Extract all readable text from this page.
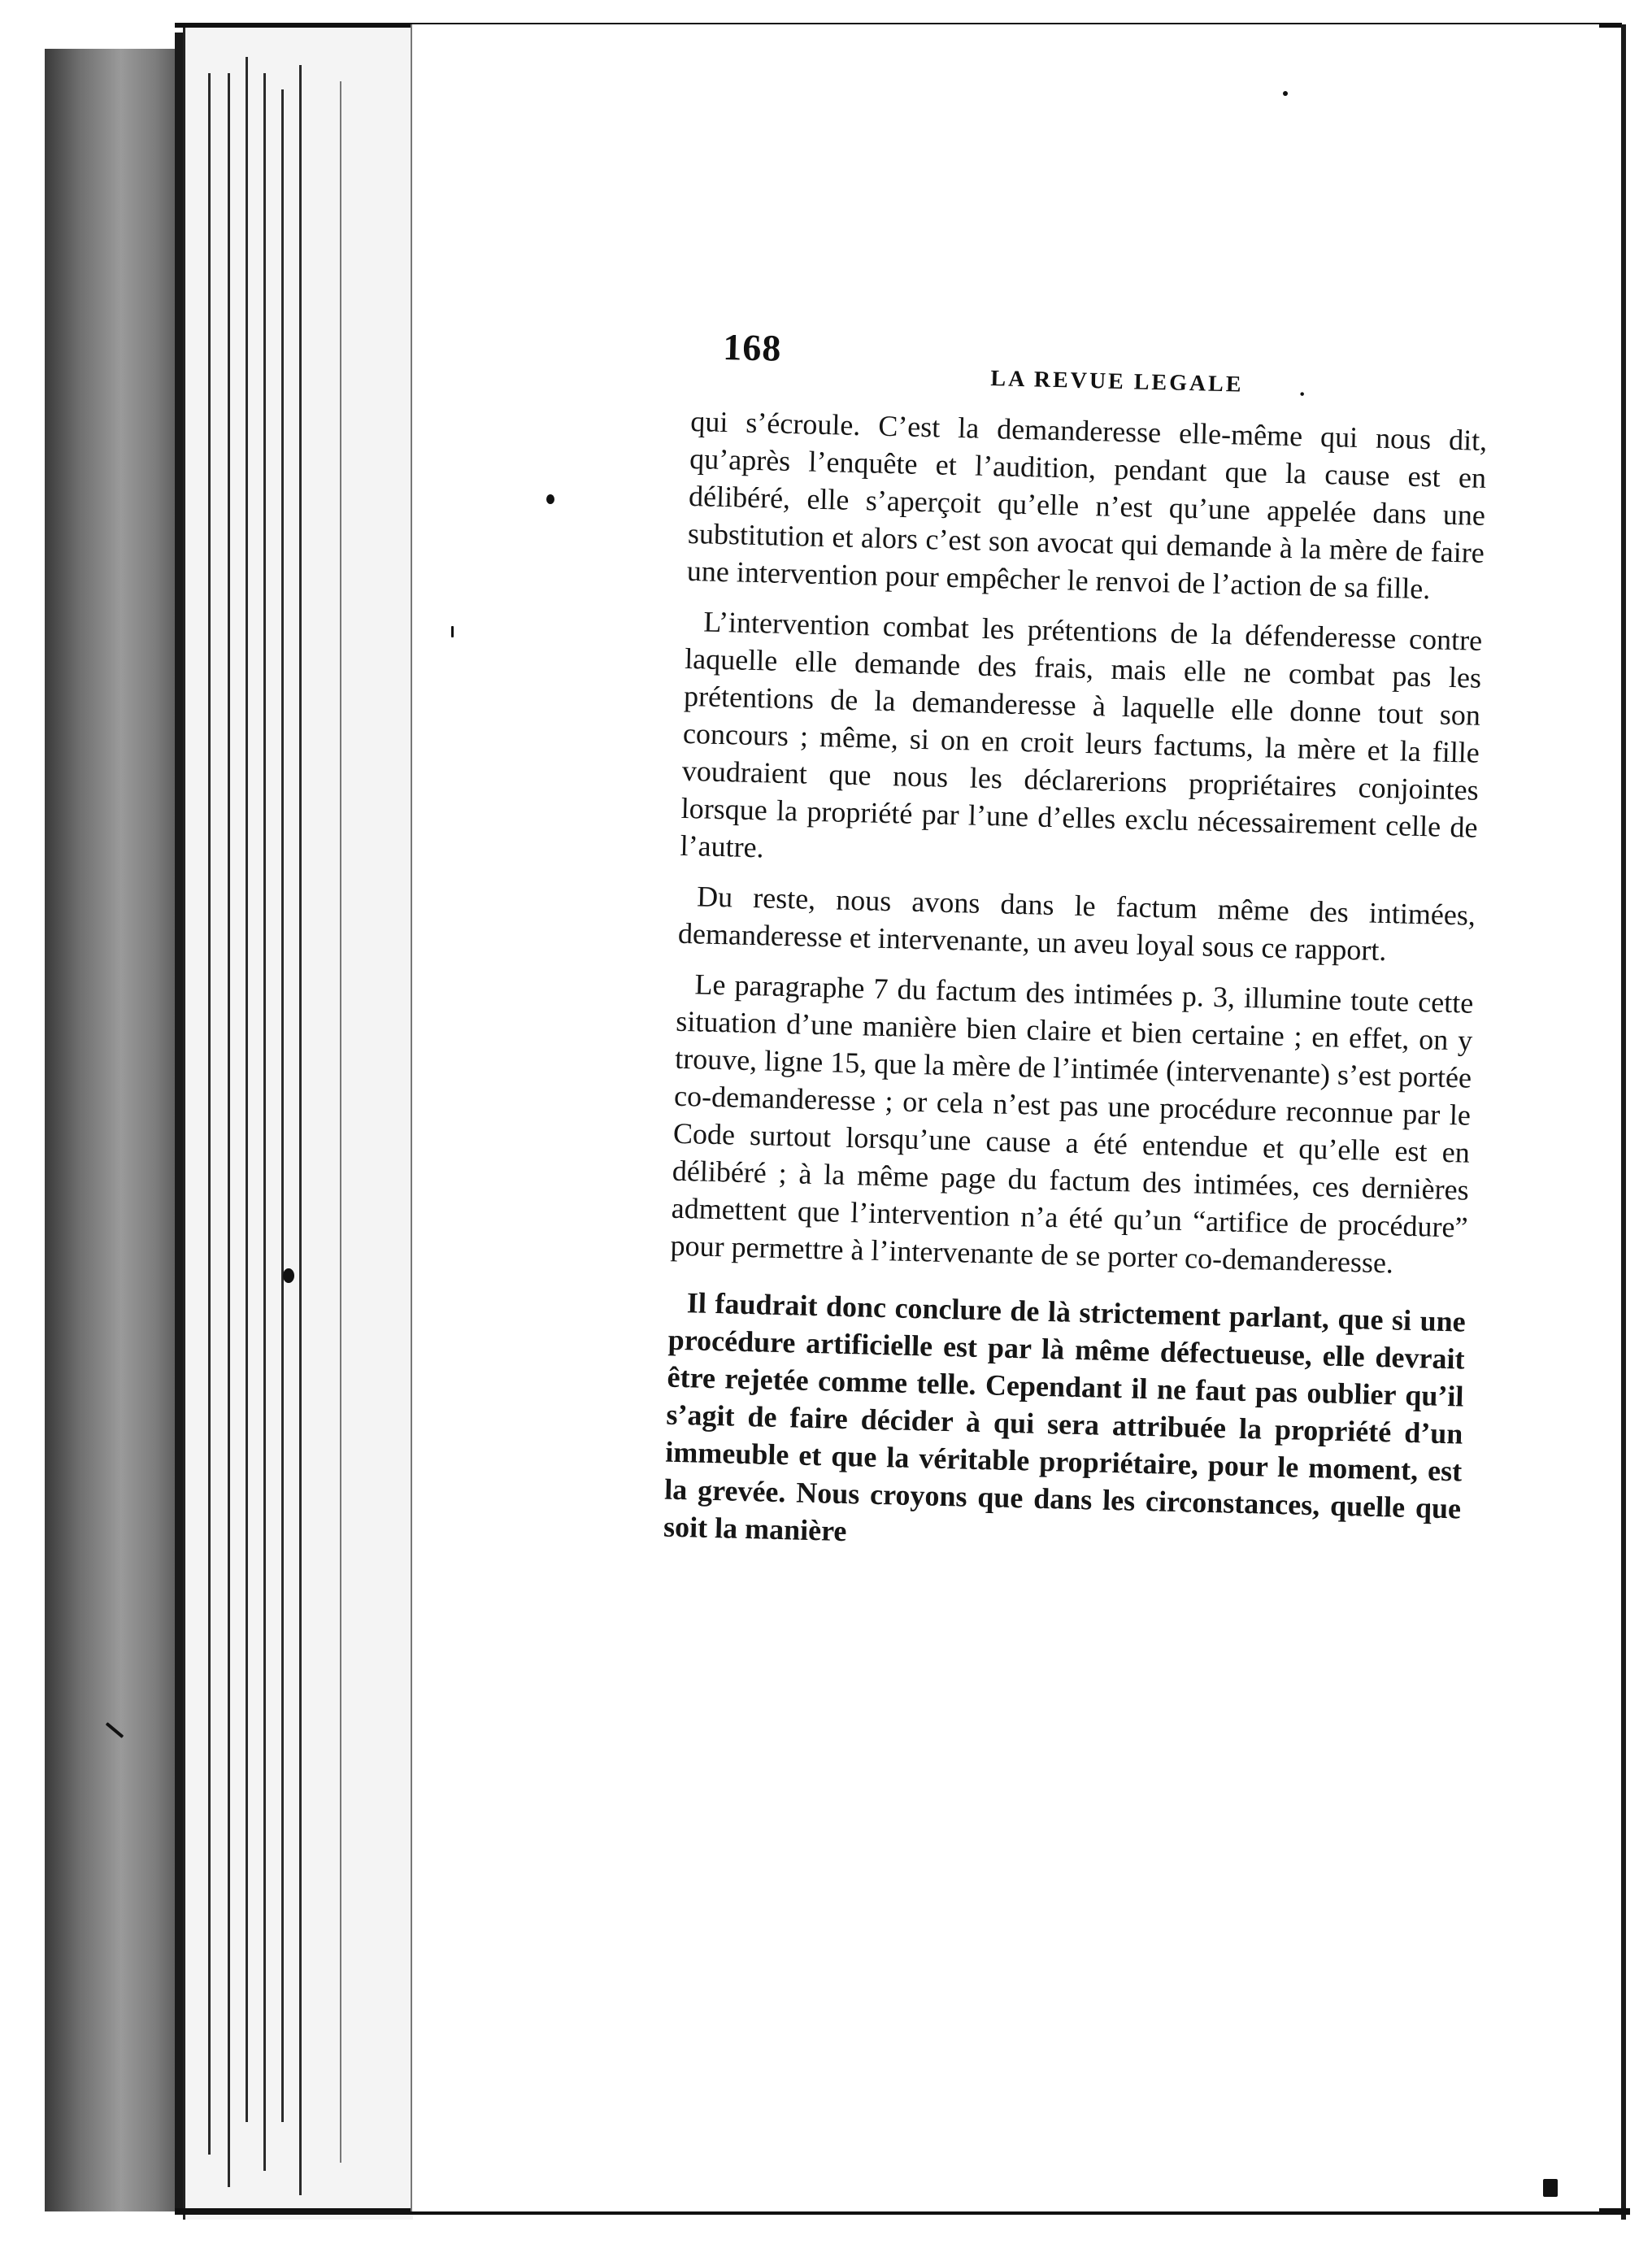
168
LA REVUE LEGALE .

qui s’écroule. C’est la demanderesse elle-même qui nous dit, qu’après l’enquête et l’audition, pendant que la cause est en délibéré, elle s’aperçoit qu’elle n’est qu’une appelée dans une substitution et alors c’est son avocat qui demande à la mère de faire une intervention pour empêcher le renvoi de l’action de sa fille.

L’intervention combat les prétentions de la défenderesse contre laquelle elle demande des frais, mais elle ne combat pas les prétentions de la demanderesse à laquelle elle donne tout son concours ; même, si on en croit leurs factums, la mère et la fille voudraient que nous les déclarerions propriétaires conjointes lorsque la propriété par l’une d’elles exclu nécessairement celle de l’autre.

Du reste, nous avons dans le factum même des intimées, demanderesse et intervenante, un aveu loyal sous ce rapport.

Le paragraphe 7 du factum des intimées p. 3, illumine toute cette situation d’une manière bien claire et bien certaine ; en effet, on y trouve, ligne 15, que la mère de l’intimée (intervenante) s’est portée co-demanderesse ; or cela n’est pas une procédure reconnue par le Code surtout lorsqu’une cause a été entendue et qu’elle est en délibéré ; à la même page du factum des intimées, ces dernières admettent que l’intervention n’a été qu’un “artifice de procédure” pour permettre à l’intervenante de se porter co-demanderesse.

Il faudrait donc conclure de là strictement parlant, que si une procédure artificielle est par là même défectueuse, elle devrait être rejetée comme telle. Cependant il ne faut pas oublier qu’il s’agit de faire décider à qui sera attribuée la propriété d’un immeuble et que la véritable propriétaire, pour le moment, est la grevée. Nous croyons que dans les circonstances, quelle que soit la manière
